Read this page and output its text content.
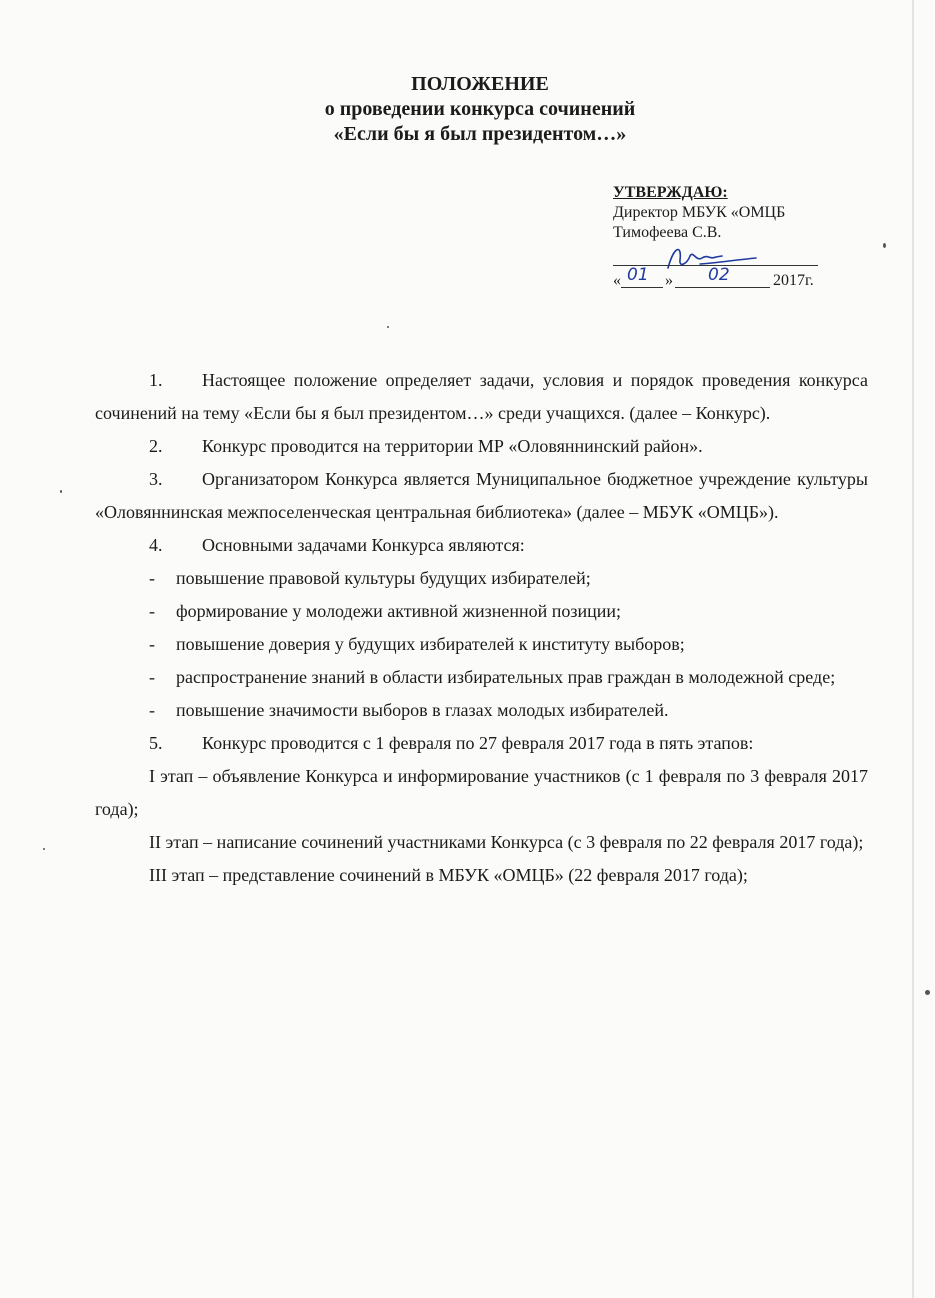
ПОЛОЖЕНИЕ
о проведении конкурса сочинений
«Если бы я был президентом…»
УТВЕРЖДАЮ:
Директор МБУК «ОМЦБ
Тимофеева С.В.
« 01 » 02	2017г.

1. Настоящее положение определяет задачи, условия и порядок проведения конкурса сочинений на тему «Если бы я был президентом…» среди учащихся. (далее – Конкурс).

2. Конкурс проводится на территории МР «Оловяннинский район».

3. Организатором Конкурса является Муниципальное бюджетное учреждение культуры «Оловяннинская межпоселенческая центральная библиотека» (далее – МБУК «ОМЦБ»).

4. Основными задачами Конкурса являются:

- повышение правовой культуры будущих избирателей;

- формирование у молодежи активной жизненной позиции;

- повышение доверия у будущих избирателей к институту выборов;

- распространение знаний в области избирательных прав граждан в молодежной среде;

- повышение значимости выборов в глазах молодых избирателей.

5. Конкурс проводится с 1 февраля по 27 февраля 2017 года в пять этапов:

I этап – объявление Конкурса и информирование участников (с 1 февраля по 3 февраля 2017 года);

II этап – написание сочинений участниками Конкурса (с 3 февраля по 22 февраля 2017 года);

III этап – представление сочинений в МБУК «ОМЦБ» (22 февраля 2017 года);
